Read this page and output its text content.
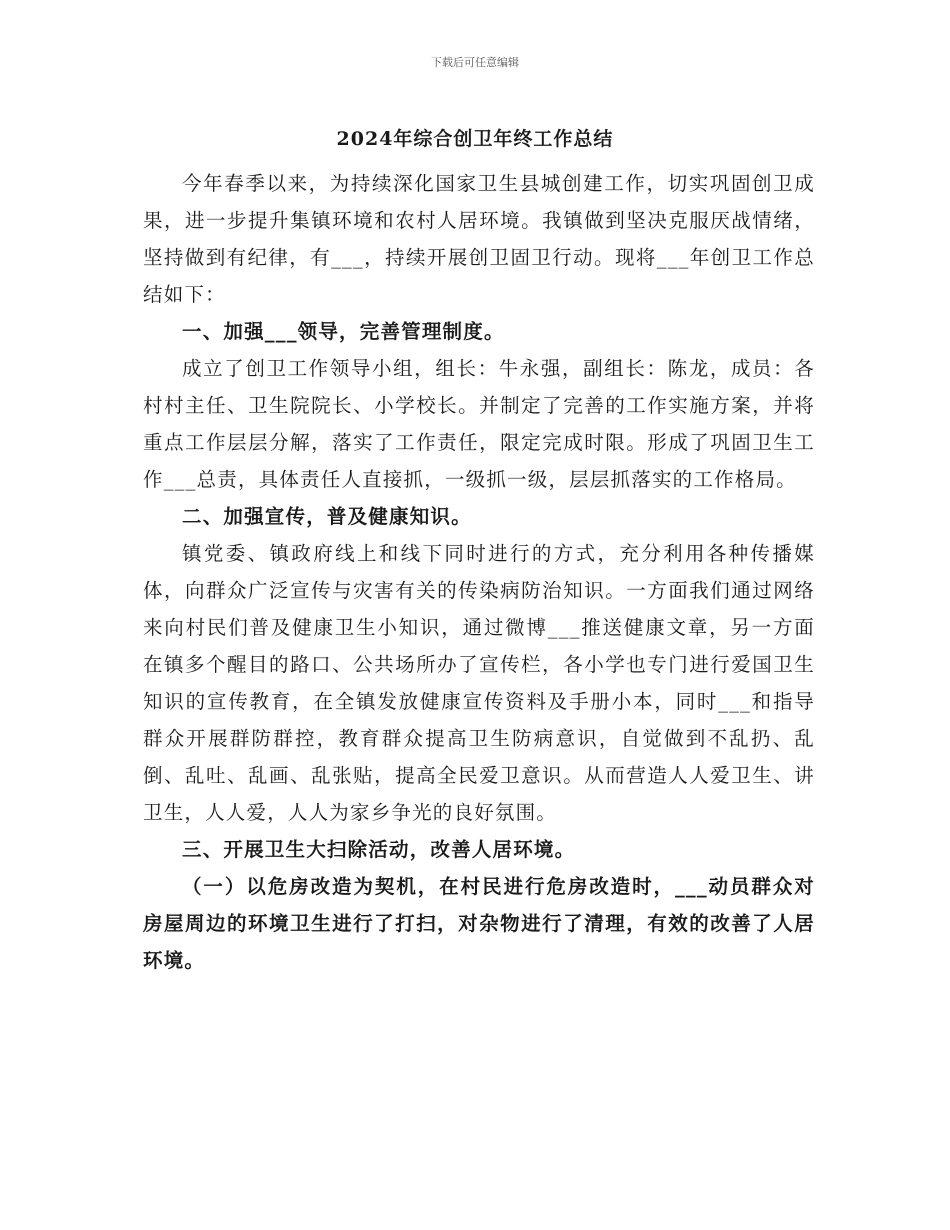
下载后可任意编辑
2024年综合创卫年终工作总结

今年春季以来，为持续深化国家卫生县城创建工作，切实巩固创卫成果，进一步提升集镇环境和农村人居环境。我镇做到坚决克服厌战情绪，坚持做到有纪律，有___，持续开展创卫固卫行动。现将___年创卫工作总结如下：

一、加强___领导，完善管理制度。

成立了创卫工作领导小组，组长：牛永强，副组长：陈龙，成员：各村村主任、卫生院院长、小学校长。并制定了完善的工作实施方案，并将重点工作层层分解，落实了工作责任，限定完成时限。形成了巩固卫生工作___总责，具体责任人直接抓，一级抓一级，层层抓落实的工作格局。

二、加强宣传，普及健康知识。

镇党委、镇政府线上和线下同时进行的方式，充分利用各种传播媒体，向群众广泛宣传与灾害有关的传染病防治知识。一方面我们通过网络来向村民们普及健康卫生小知识，通过微博___推送健康文章，另一方面在镇多个醒目的路口、公共场所办了宣传栏，各小学也专门进行爱国卫生知识的宣传教育，在全镇发放健康宣传资料及手册小本，同时___和指导群众开展群防群控，教育群众提高卫生防病意识，自觉做到不乱扔、乱倒、乱吐、乱画、乱张贴，提高全民爱卫意识。从而营造人人爱卫生、讲卫生，人人爱，人人为家乡争光的良好氛围。

三、开展卫生大扫除活动，改善人居环境。

（一）以危房改造为契机，在村民进行危房改造时，___动员群众对房屋周边的环境卫生进行了打扫，对杂物进行了清理，有效的改善了人居环境。
